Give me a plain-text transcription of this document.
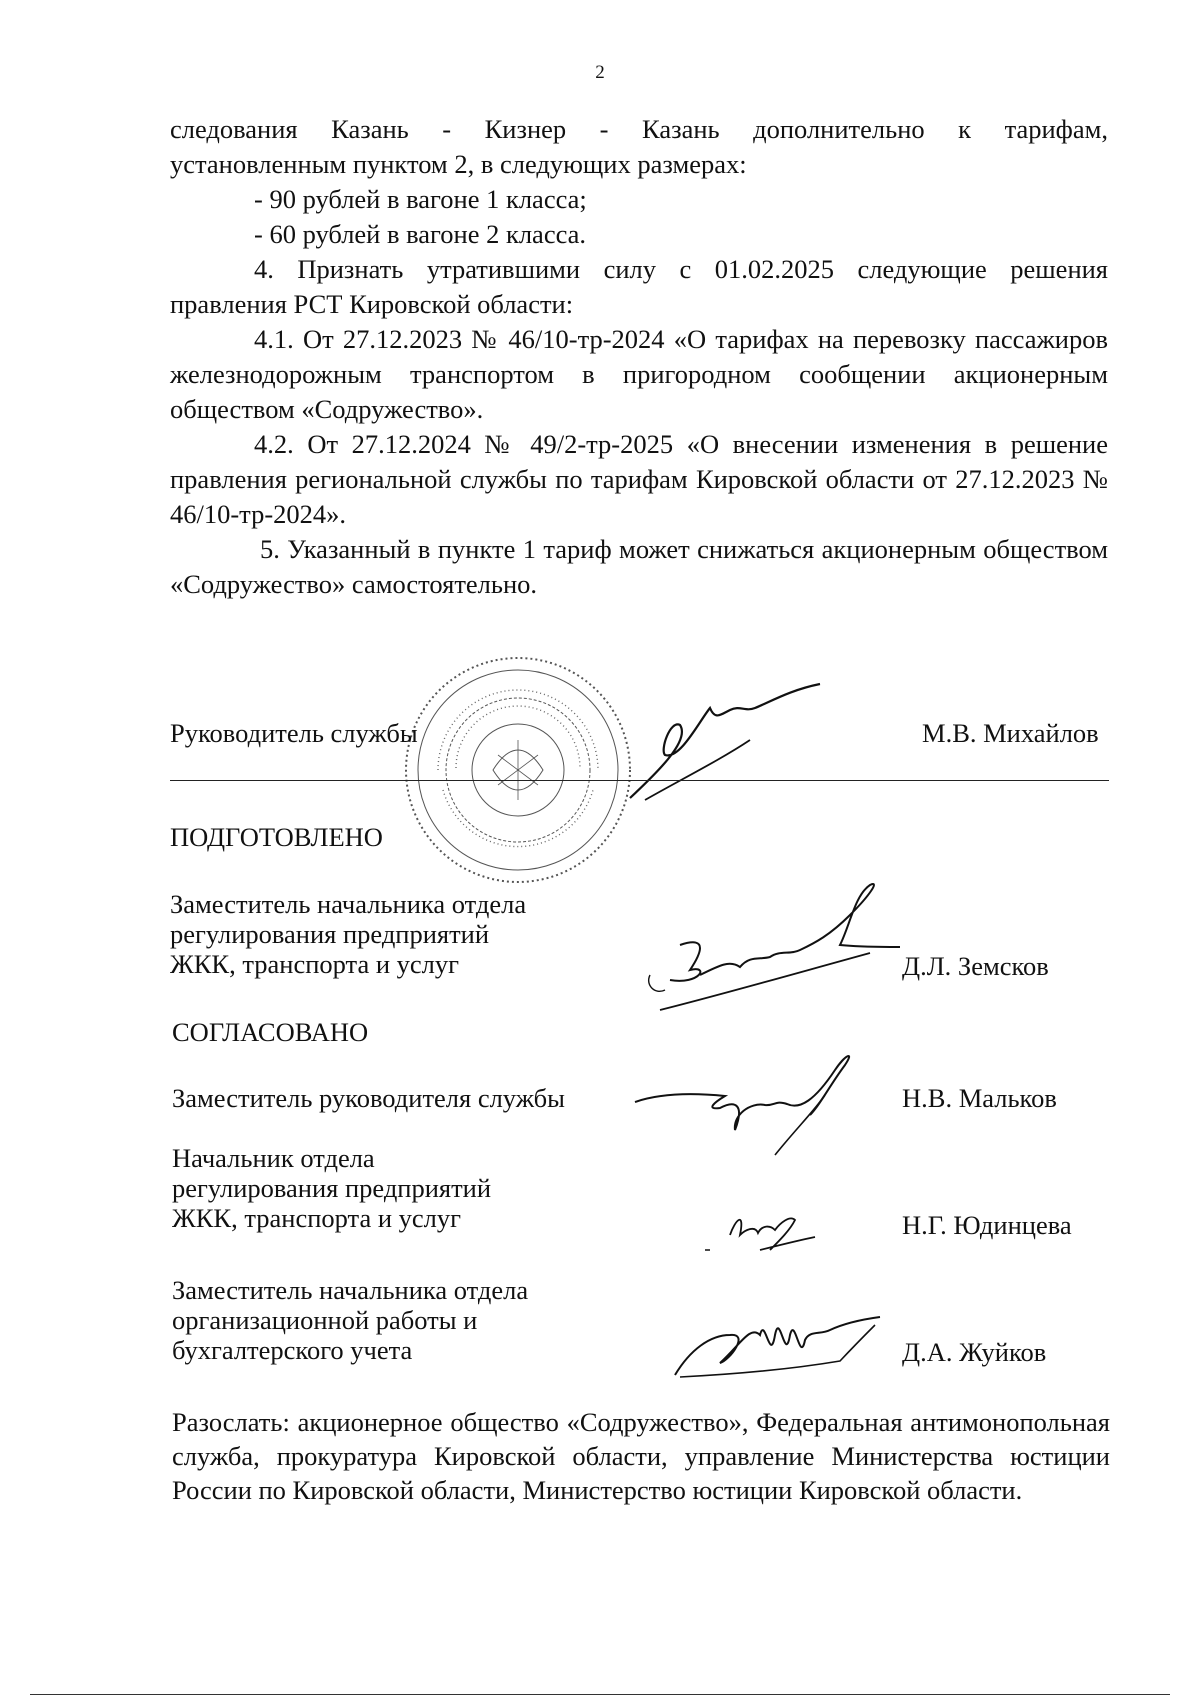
2

следования Казань - Кизнер - Казань дополнительно к тарифам,

установленным пунктом 2, в следующих размерах:

- 90 рублей в вагоне 1 класса;

- 60 рублей в вагоне 2 класса.

4. Признать утратившими силу с 01.02.2025 следующие решения правления РСТ Кировской области:

4.1. От 27.12.2023 № 46/10-тр-2024 «О тарифах на перевозку пассажиров железнодорожным транспортом в пригородном сообщении акционерным обществом «Содружество».

4.2. От 27.12.2024 № 49/2-тр-2025 «О внесении изменения в решение правления региональной службы по тарифам Кировской области от 27.12.2023 № 46/10-тр-2024».

5. Указанный в пункте 1 тариф может снижаться акционерным обществом «Содружество» самостоятельно.

Руководитель службы	М.В. Михайлов
ПОДГОТОВЛЕНО
Заместитель начальника отдела
регулирования предприятий
ЖКК, транспорта и услуг	Д.Л. Земсков
СОГЛАСОВАНО
Заместитель руководителя службы	Н.В. Мальков
Начальник отдела
регулирования предприятий
ЖКК, транспорта и услуг	Н.Г. Юдинцева
Заместитель начальника отдела
организационной работы и
бухгалтерского учета	Д.А. Жуйков
Разослать: акционерное общество «Содружество», Федеральная антимонопольная служба, прокуратура Кировской области, управление Министерства юстиции России по Кировской области, Министерство юстиции Кировской области.
